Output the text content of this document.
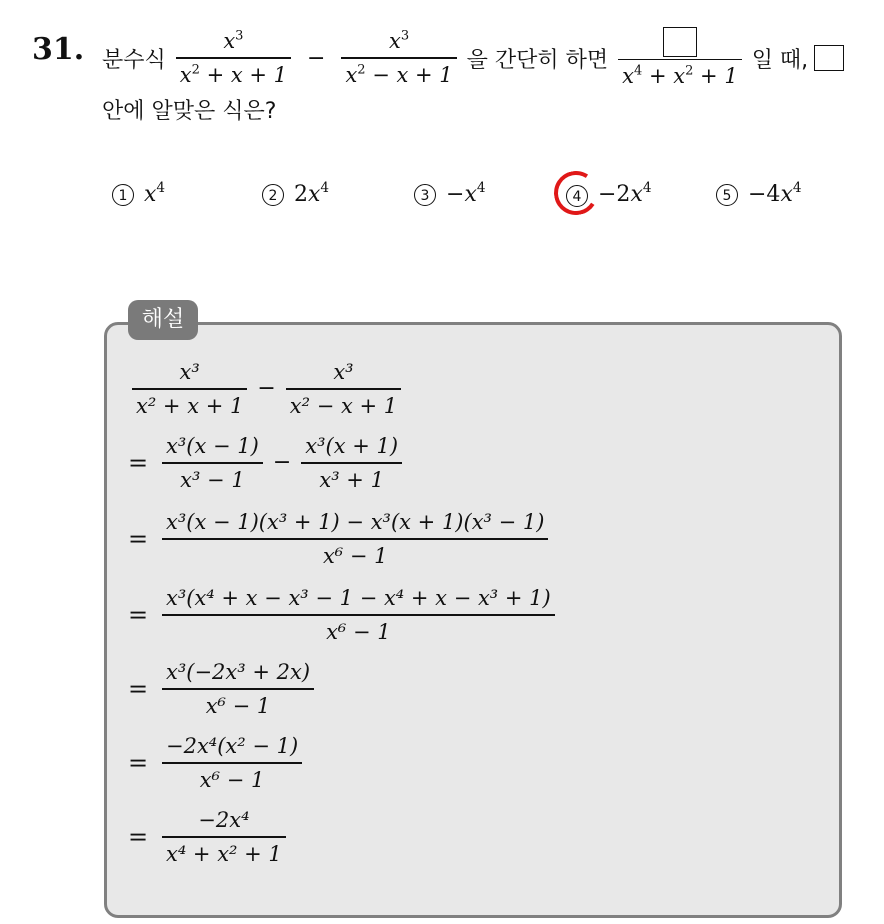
31. 분수식 $\frac{x^3}{x^2 + x + 1} - \frac{x^3}{x^2 - x + 1}$ 을 간단히 하면
$x^4 + x^2 + 1$
일 때,
안에 알맞은 식은?
1 $x^4$	2 $2x^4$	$3 -x^4$
$4 -2x^4$	$5 -4x^4$
해설
$\frac{\text{x³}}{\text{x² + x + 1}} - \frac{\text{x³}}{\text{x² − x + 1}}$
= $\frac{\text{x³(x − 1)}}{\text{x³ − 1}} - \frac{\text{x³(x + 1)}}{\text{x³ + 1}}$
= $\frac{\text{x³(x − 1)(x³ + 1) − x³(x + 1)(x³ − 1)}}{\text{x⁶ − 1}}$
= $\frac{\text{x³(x⁴ + x − x³ − 1 − x⁴ + x − x³ + 1)}}{\text{x⁶ − 1}}$
= $\frac{\text{x³(−2x³ + 2x)}}{\text{x⁶ − 1}}$
= $\frac{\text{−2x⁴(x² − 1)}}{\text{x⁶ − 1}}$
= $\frac{\text{−2x⁴}}{\text{x⁴ + x² + 1}}$
